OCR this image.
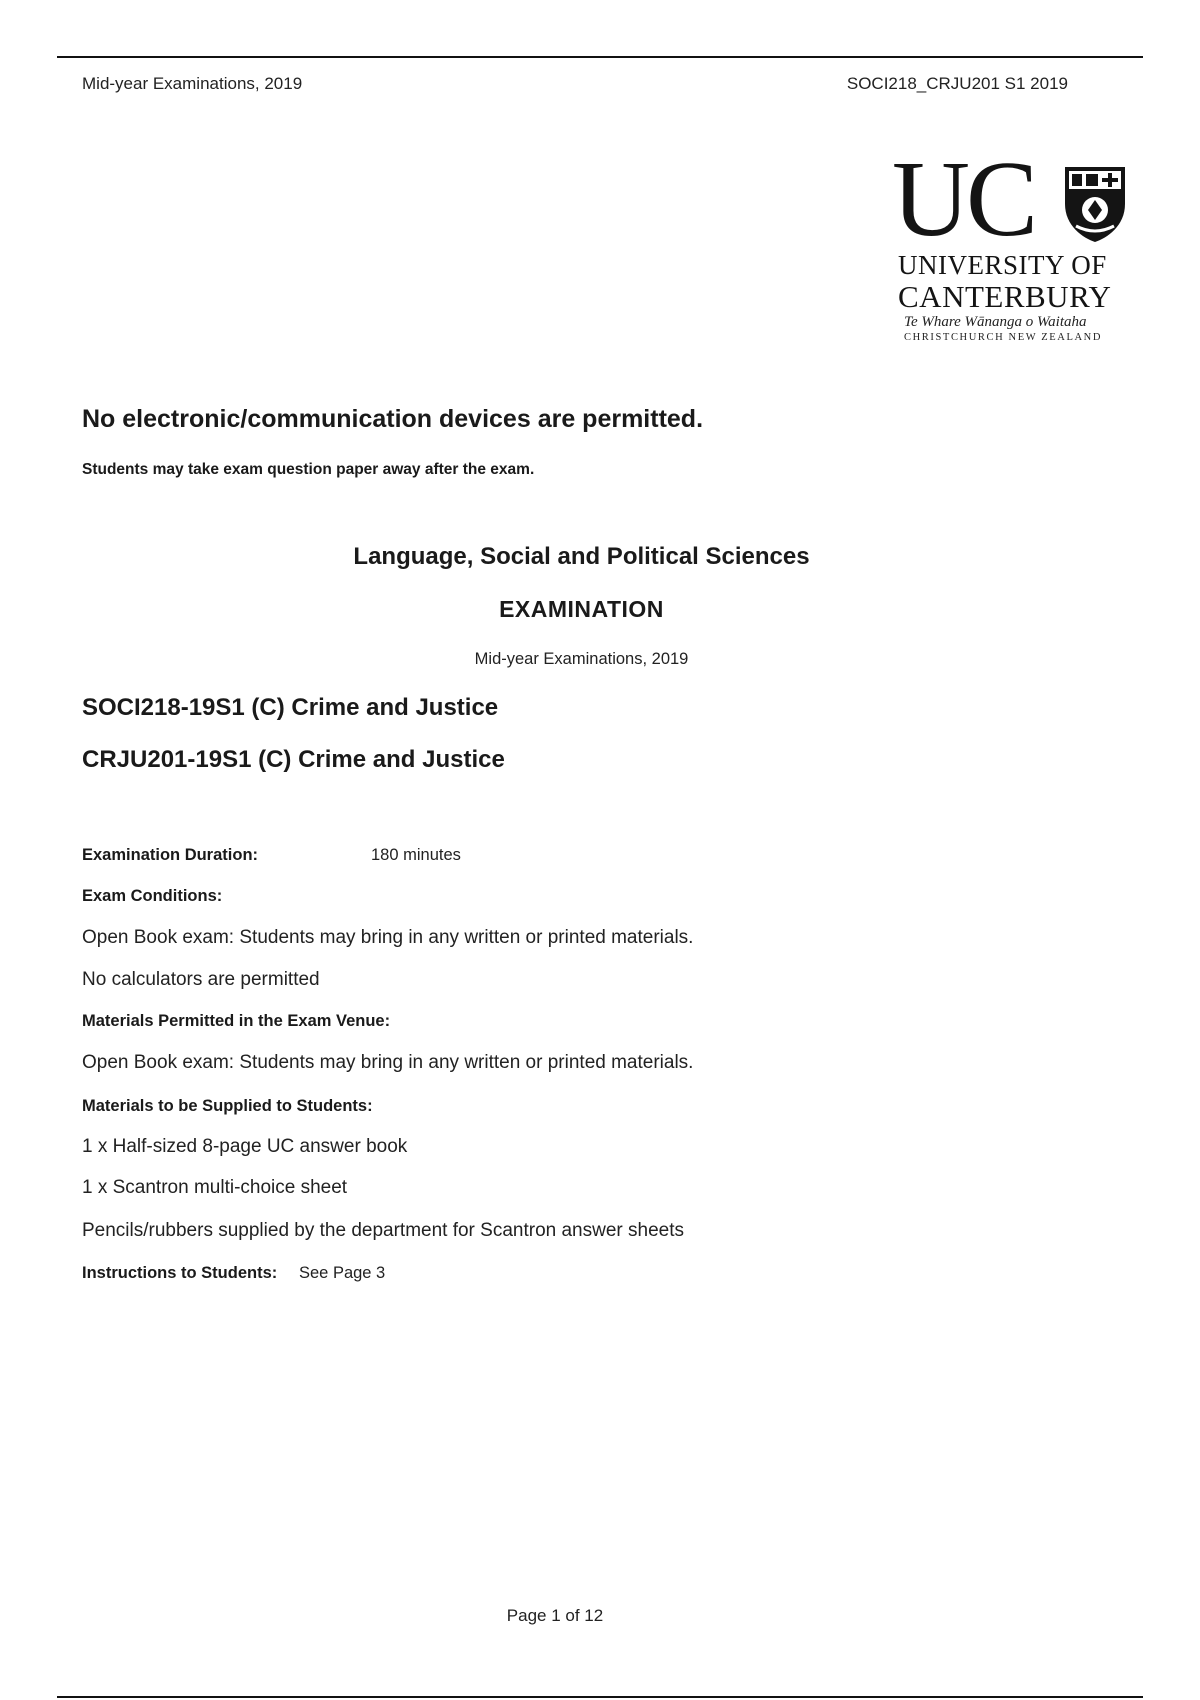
Mid-year Examinations, 2019	SOCI218_CRJU201 S1 2019
UC
UNIVERSITY OF
CANTERBURY
Te Whare Wānanga o Waitaha
CHRISTCHURCH NEW ZEALAND
No electronic/communication devices are permitted.
Students may take exam question paper away after the exam.
Language, Social and Political Sciences
EXAMINATION
Mid-year Examinations, 2019
SOCI218-19S1 (C) Crime and Justice
CRJU201-19S1 (C) Crime and Justice
Examination Duration:	180 minutes
Exam Conditions:
Open Book exam: Students may bring in any written or printed materials.
No calculators are permitted
Materials Permitted in the Exam Venue:
Open Book exam: Students may bring in any written or printed materials.
Materials to be Supplied to Students:
1 x Half-sized 8-page UC answer book
1 x Scantron multi-choice sheet
Pencils/rubbers supplied by the department for Scantron answer sheets
Instructions to Students: See Page 3
Page 1 of 12
